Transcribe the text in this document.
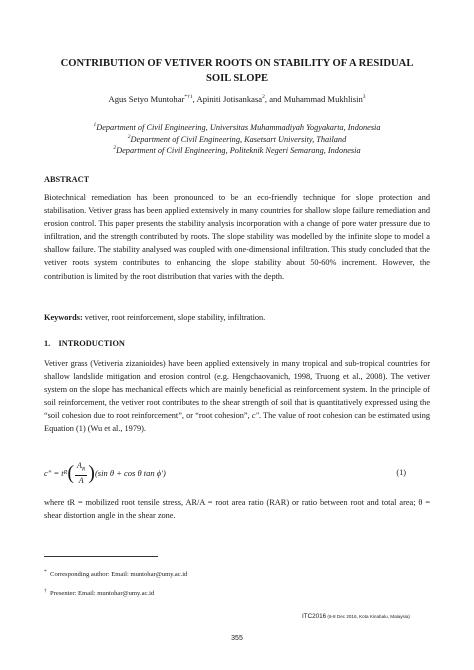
CONTRIBUTION OF VETIVER ROOTS ON STABILITY OF A RESIDUAL
SOIL SLOPE
Agus Setyo Muntohar$^{*\dagger 1}$, Apiniti Jotisankasa$^2$, and Muhammad Mukhlisin$^3$
$^1$Department of Civil Engineering, Universitas Muhammadiyah Yogyakarta, Indonesia
$^2$Department of Civil Engineering, Kasetsart University, Thailand
$^2$Department of Civil Engineering, Politeknik Negeri Semarang, Indonesia
ABSTRACT
Biotechnical remediation has been pronounced to be an eco-friendly technique for slope protection and stabilisation. Vetiver grass has been applied extensively in many countries for shallow slope failure remediation and erosion control. This paper presents the stability analysis incorporation with a change of pore water pressure due to infiltration, and the strength contributed by roots. The slope stability was modelled by the infinite slope to model a shallow failure. The stability analysed was coupled with one-dimensional infiltration. This study concluded that the vetiver roots system contributes to enhancing the slope stability about 50-60% increment. However, the contribution is limited by the root distribution that varies with the depth.
Keywords: vetiver, root reinforcement, slope stability, infiltration.
1.    INTRODUCTION
Vetiver grass (Vetiveria zizanioides) have been applied extensively in many tropical and sub-tropical countries for shallow landslide mitigation and erosion control (e.g. Hengchaovanich, 1998, Truong et al., 2008). The vetiver system on the slope has mechanical effects which are mainly beneficial as reinforcement system. In the principle of soil reinforcement, the vetiver root contributes to the shear strength of soil that is quantitatively expressed using the “soil cohesion due to root reinforcement”, or “root cohesion”, c″. The value of root cohesion can be estimated using Equation (1) (Wu et al., 1979).
c″ = t R ( $\frac{A_R}{A}$ ) (sin θ + cos θ tan ϕ′)	(1)
where tR = mobilized root tensile stress, AR/A = root area ratio (RAR) or ratio between root and total area; θ = shear distortion angle in the shear zone.
* Corresponding author: Email: muntohar@umy.ac.id
† Presenter: Email: muntohar@umy.ac.id
ITC2016 (6-8 Dec 2016, Kota Kinabalu, Malaysia)
355
